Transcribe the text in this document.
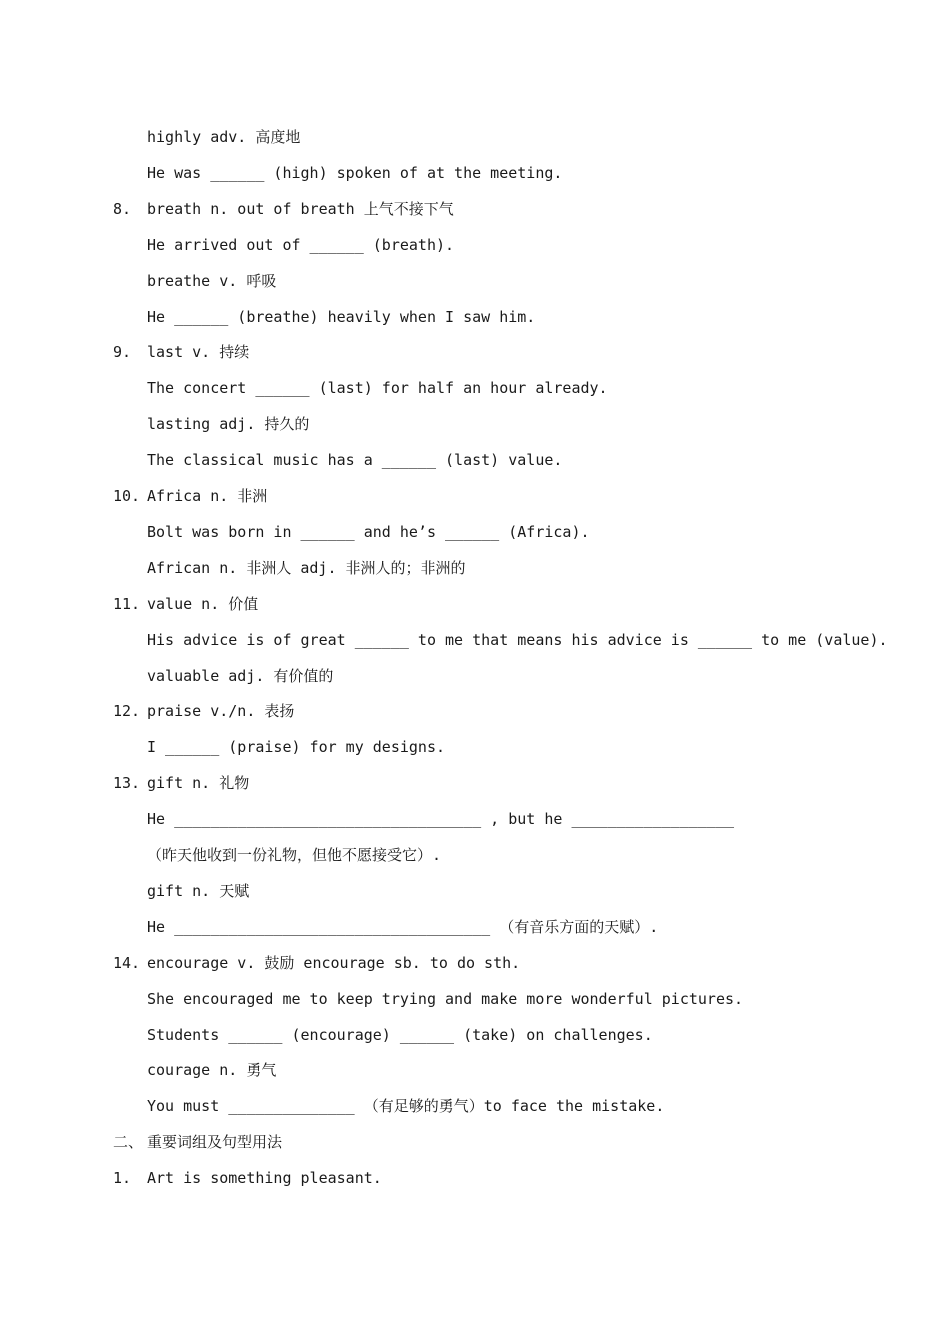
highly adv. 高度地
He was ______ (high) spoken of at the meeting.
8. breath n. out of breath 上气不接下气
He arrived out of ______ (breath).
breathe v. 呼吸
He ______ (breathe) heavily when I saw him.
9. last v. 持续
The concert ______ (last) for half an hour already.
lasting adj. 持久的
The classical music has a ______ (last) value.
10. Africa n. 非洲
Bolt was born in ______ and he’s ______ (Africa).
African n. 非洲人 adj. 非洲人的；非洲的
11. value n. 价值
His advice is of great ______ to me that means his advice is ______ to me (value).
valuable adj. 有价值的
12. praise v./n. 表扬
I ______ (praise) for my designs.
13. gift n. 礼物
He __________________________________ , but he __________________
（昨天他收到一份礼物，但他不愿接受它）.
gift n. 天赋
He ___________________________________ （有音乐方面的天赋）.
14. encourage v. 鼓励 encourage sb. to do sth.
She encouraged me to keep trying and make more wonderful pictures.
Students ______ (encourage) ______ (take) on challenges.
courage n. 勇气
You must ______________ （有足够的勇气）to face the mistake.
二、 重要词组及句型用法
1. Art is something pleasant.
